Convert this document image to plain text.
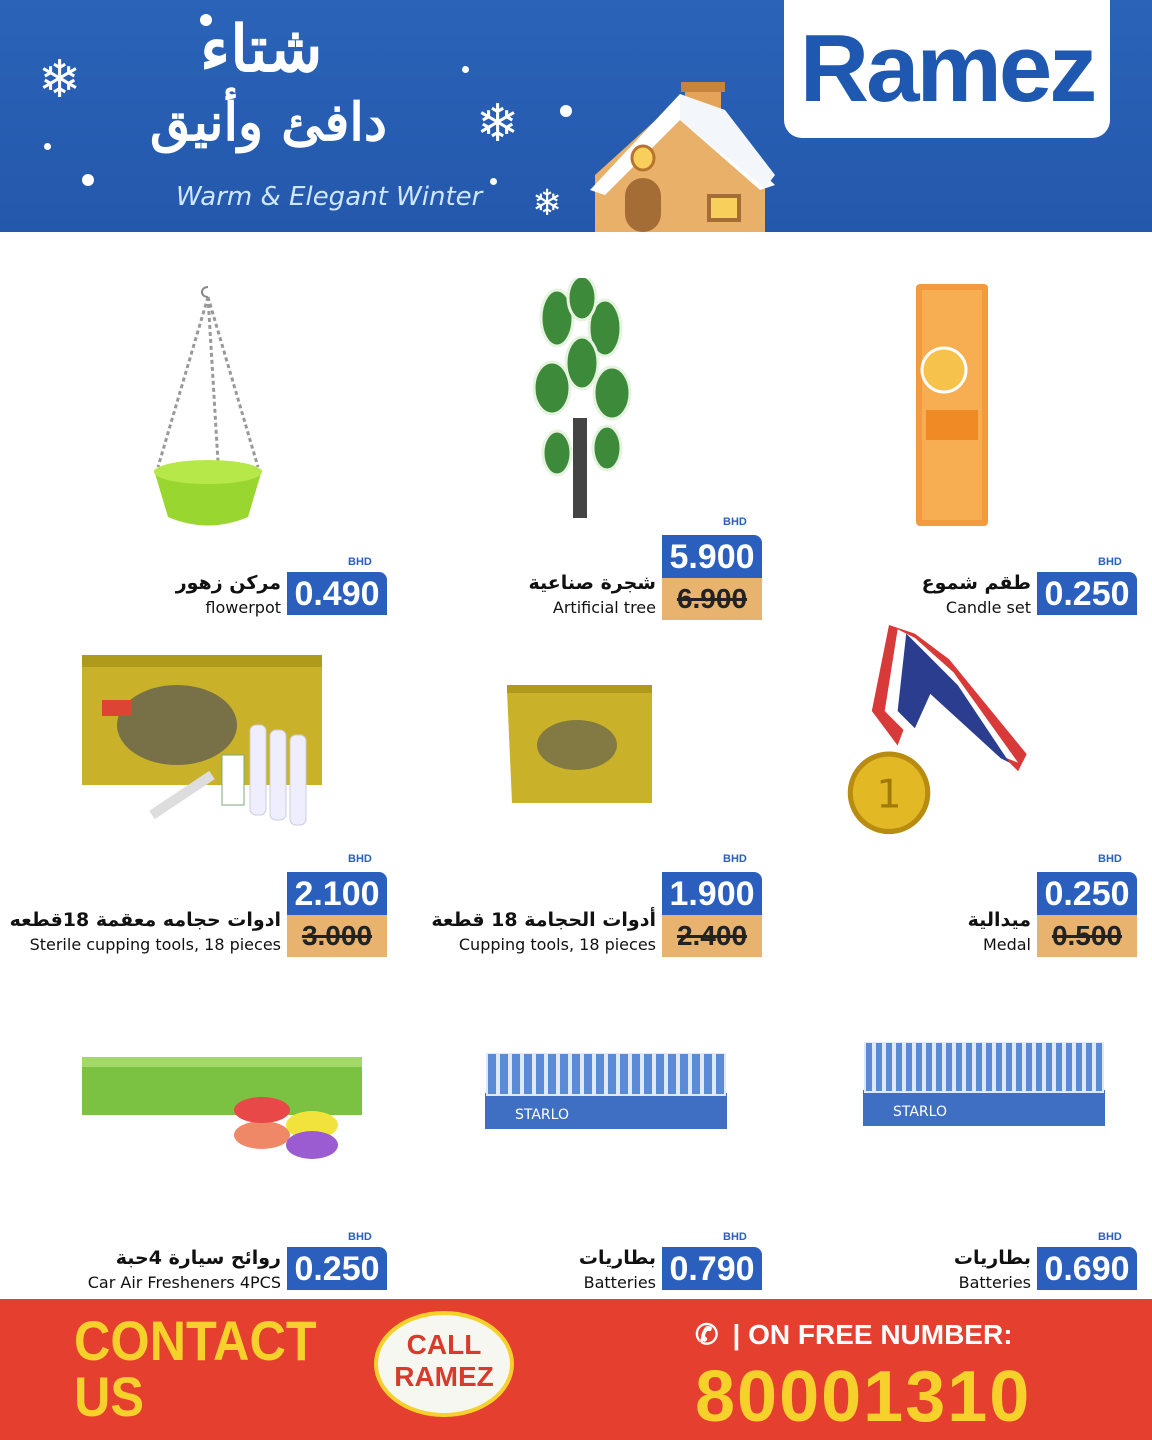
❄
❄
❄
شتاء
دافئ وأنيق
Warm & Elegant Winter
Ramez
BHD
0.490
مركن زهور
flowerpot
BHD
5.900
6.900
شجرة صناعية
Artificial tree
BHD
0.250
طقم شموع
Candle set
BHD
2.100
3.000
ادوات حجامه معقمة 18قطعه
Sterile cupping tools, 18 pieces
BHD
1.900
2.400
أدوات الحجامة 18 قطعة
Cupping tools, 18 pieces
1
BHD
0.250
0.500
ميدالية
Medal
BHD
0.250
روائح سيارة 4حبة
Car Air Fresheners 4PCS
STARLO
BHD
0.790
بطاريات
Batteries
STARLO
BHD
0.690
بطاريات
Batteries
CONTACT
US
CALL
RAMEZ
✆ | ON FREE NUMBER:
80001310
